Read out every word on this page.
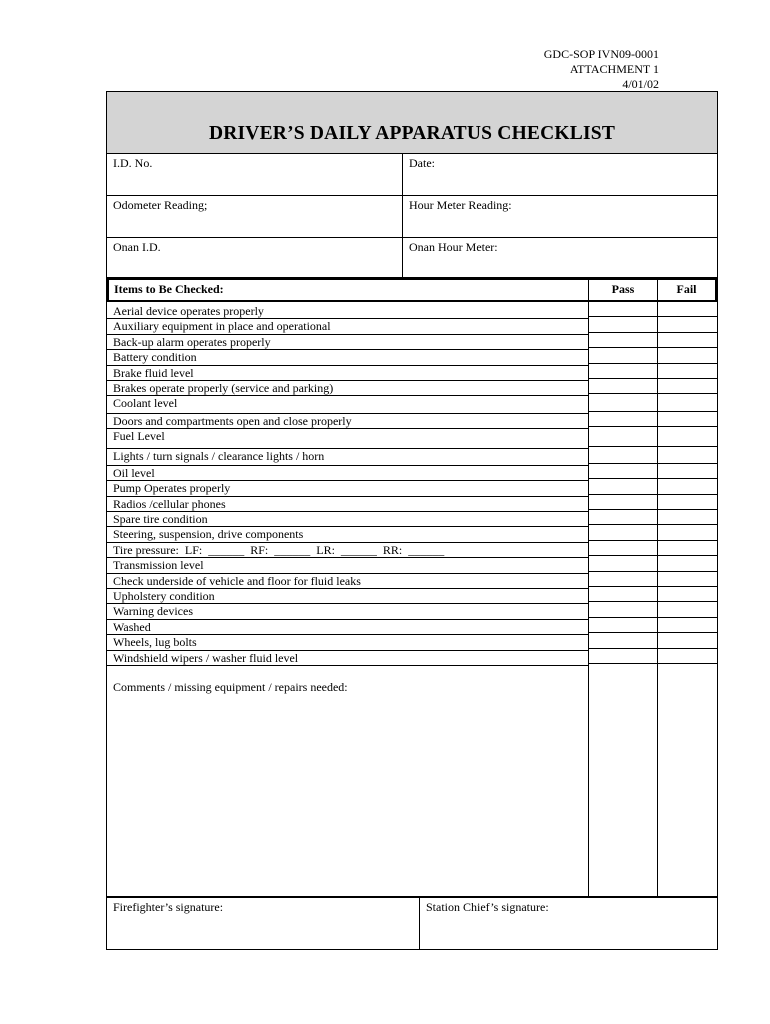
GDC-SOP IVN09-0001
ATTACHMENT 1
4/01/02
DRIVER’S DAILY APPARATUS CHECKLIST
I.D. No.	Date:
Odometer Reading;	Hour Meter Reading:
Onan I.D.	Onan Hour Meter:
Items to Be Checked:	Pass	Fail
Aerial device operates properly
Auxiliary equipment in place and operational
Back-up alarm operates properly
Battery condition
Brake fluid level
Brakes operate properly (service and parking)
Coolant level
Doors and compartments open and close properly
Fuel Level
Lights / turn signals / clearance lights / horn
Oil level
Pump Operates properly
Radios /cellular phones
Spare tire condition
Steering, suspension, drive components
Tire pressure:  LF:  ______  RF:  ______  LR:  ______  RR:  ______
Transmission level
Check underside of vehicle and floor for fluid leaks
Upholstery condition
Warning devices
Washed
Wheels, lug bolts
Windshield wipers / washer fluid level
Comments / missing equipment / repairs needed:
Firefighter’s signature:	Station Chief’s signature:
